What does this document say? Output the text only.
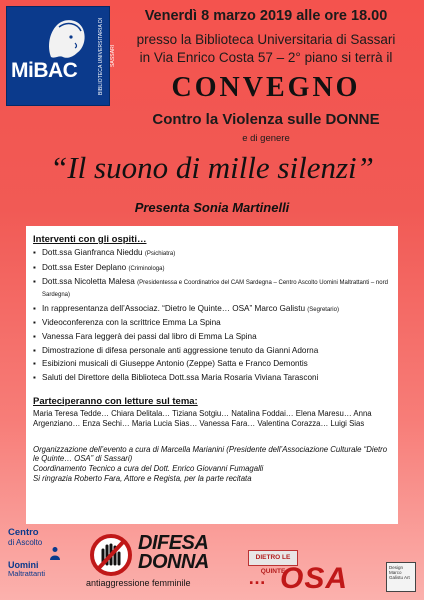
MiBAC	BIBLIOTECA UNIVERSITARIA DI SASSARI
Venerdì 8 marzo 2019 alle ore 18.00
presso la Biblioteca Universitaria di Sassari
in Via Enrico Costa 57 – 2° piano si terrà il
CONVEGNO
Contro la Violenza sulle DONNE
e di genere
“Il suono di mille silenzi”
Presenta Sonia Martinelli
Interventi con gli ospiti…
▪ Dott.ssa Gianfranca Nieddu (Psichiatra)
▪ Dott.ssa Ester Deplano (Criminologa)
▪ Dott.ssa Nicoletta Malesa (Presidentessa e Coordinatrice del CAM Sardegna – Centro Ascolto Uomini Maltrattanti – nord Sardegna)
▪ In rappresentanza dell’Associaz. “Dietro le Quinte… OSA” Marco Galistu (Segretario)
▪ Videoconferenza con la scrittrice Emma La Spina
▪ Vanessa Fara leggerà dei passi dal libro di Emma La Spina
▪ Dimostrazione di difesa personale anti aggressione tenuto da Gianni Adorna
▪ Esibizioni musicali di Giuseppe Antonio (Zeppe) Satta e Franco Demontis
▪ Saluti del Direttore della Biblioteca Dott.ssa Maria Rosaria Viviana Tarasconi
Parteciperanno con letture sul tema:
Maria Teresa Tedde… Chiara Delitala… Tiziana Sotgiu… Natalina Foddai… Elena Maresu… Anna Argenziano… Enza Sechi… Maria Lucia Sias… Vanessa Fara… Valentina Corazza… Luigi Sias
Organizzazione dell’evento a cura di Marcella Marianini (Presidente dell’Associazione Culturale “Dietro le Quinte… OSA” di Sassari)
Coordinamento Tecnico a cura del Dott. Enrico Giovanni Fumagalli
Si ringrazia Roberto Fara, Attore e Regista, per la parte recitata
Centro
di Ascolto
Uomini
Maltrattanti
DIFESA
DONNA
antiaggressione femminile
DIETRO LE QUINTE
… OSA	Design Marco Galistu Art
